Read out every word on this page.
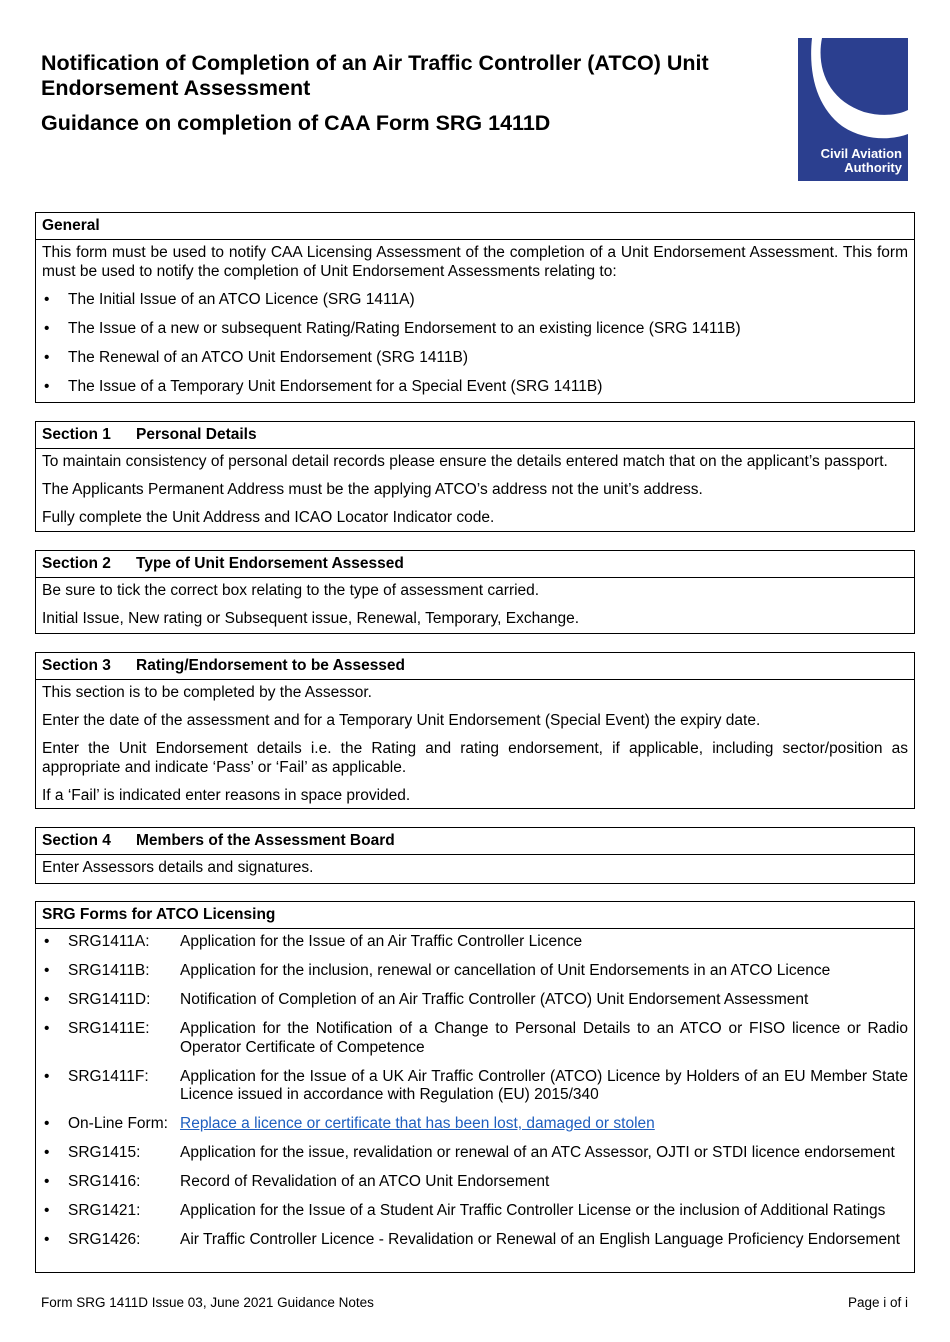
Notification of Completion of an Air Traffic Controller (ATCO) Unit Endorsement Assessment
Guidance on completion of CAA Form SRG 1411D
Civil Aviation
Authority
General
This form must be used to notify CAA Licensing Assessment of the completion of a Unit Endorsement Assessment. This form must be used to notify the completion of Unit Endorsement Assessments relating to:
• The Initial Issue of an ATCO Licence (SRG 1411A)
• The Issue of a new or subsequent Rating/Rating Endorsement to an existing licence (SRG 1411B)
• The Renewal of an ATCO Unit Endorsement (SRG 1411B)
• The Issue of a Temporary Unit Endorsement for a Special Event (SRG 1411B)
Section 1 Personal Details
To maintain consistency of personal detail records please ensure the details entered match that on the applicant’s passport.
The Applicants Permanent Address must be the applying ATCO’s address not the unit’s address.
Fully complete the Unit Address and ICAO Locator Indicator code.
Section 2 Type of Unit Endorsement Assessed
Be sure to tick the correct box relating to the type of assessment carried.
Initial Issue, New rating or Subsequent issue, Renewal, Temporary, Exchange.
Section 3 Rating/Endorsement to be Assessed
This section is to be completed by the Assessor.
Enter the date of the assessment and for a Temporary Unit Endorsement (Special Event) the expiry date.
Enter the Unit Endorsement details i.e. the Rating and rating endorsement, if applicable, including sector/position as appropriate and indicate ‘Pass’ or ‘Fail’ as applicable.
If a ‘Fail’ is indicated enter reasons in space provided.
Section 4 Members of the Assessment Board
Enter Assessors details and signatures.
SRG Forms for ATCO Licensing
• SRG1411A:	Application for the Issue of an Air Traffic Controller Licence
• SRG1411B:	Application for the inclusion, renewal or cancellation of Unit Endorsements in an ATCO Licence
• SRG1411D:	Notification of Completion of an Air Traffic Controller (ATCO) Unit Endorsement Assessment
• SRG1411E:	Application for the Notification of a Change to Personal Details to an ATCO or FISO licence or Radio Operator Certificate of Competence
• SRG1411F:	Application for the Issue of a UK Air Traffic Controller (ATCO) Licence by Holders of an EU Member State Licence issued in accordance with Regulation (EU) 2015/340
• On-Line Form: Replace a licence or certificate that has been lost, damaged or stolen
• SRG1415:	Application for the issue, revalidation or renewal of an ATC Assessor, OJTI or STDI licence endorsement
• SRG1416:	Record of Revalidation of an ATCO Unit Endorsement
• SRG1421:	Application for the Issue of a Student Air Traffic Controller License or the inclusion of Additional Ratings
• SRG1426:	Air Traffic Controller Licence - Revalidation or Renewal of an English Language Proficiency Endorsement
Form SRG 1411D Issue 03, June 2021 Guidance Notes	Page i of i
